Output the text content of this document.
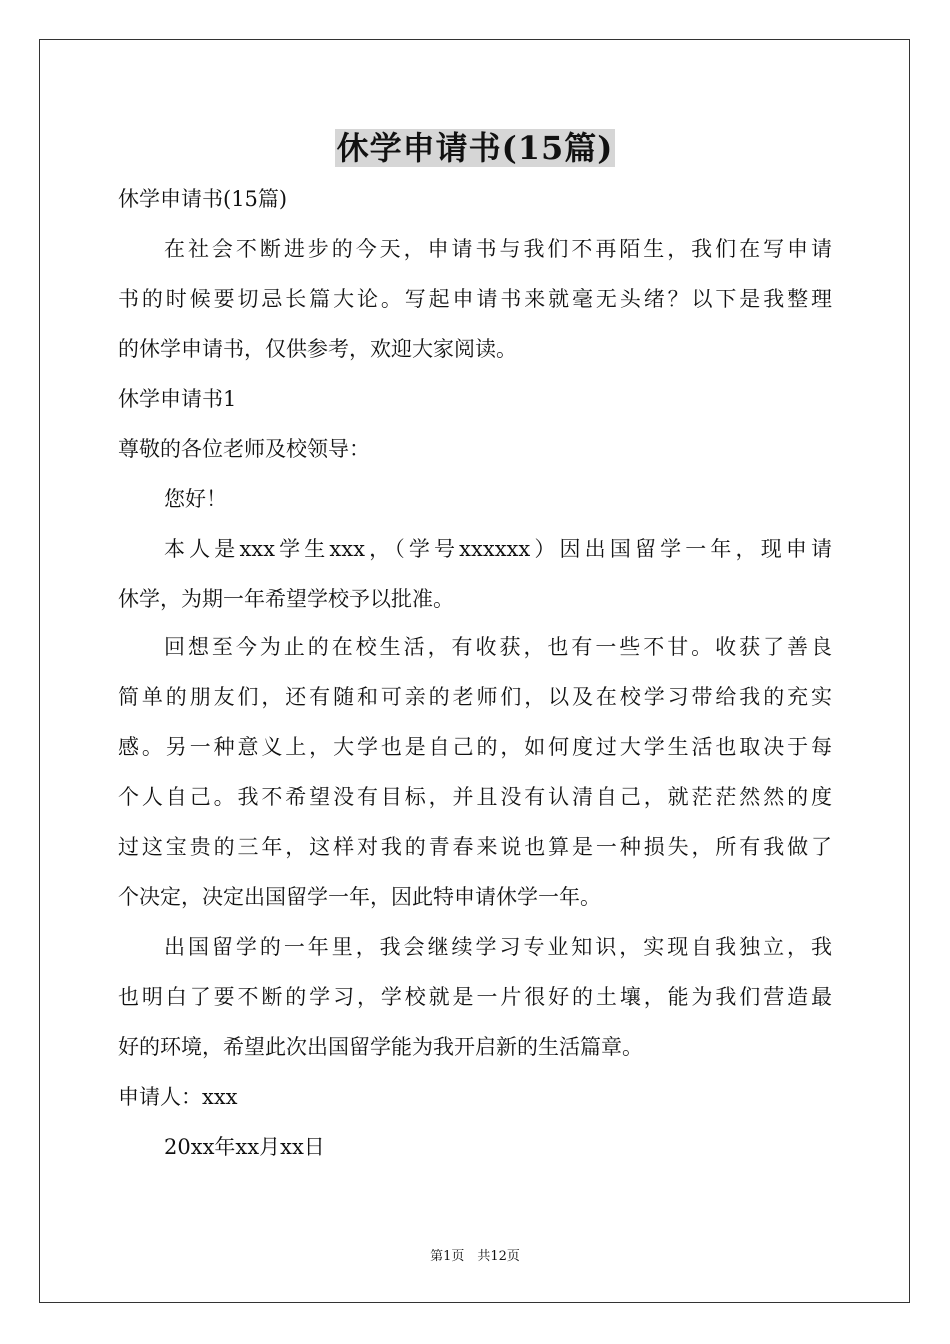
休学申请书(15篇)
休学申请书(15篇)
在社会不断进步的今天，申请书与我们不再陌生，我们在写申请
书的时候要切忌长篇大论。写起申请书来就毫无头绪？以下是我整理
的休学申请书，仅供参考，欢迎大家阅读。
休学申请书1
尊敬的各位老师及校领导：
您好！
本人是xxx学生xxx，（学号xxxxxx）因出国留学一年，现申请
休学，为期一年希望学校予以批准。
回想至今为止的在校生活，有收获，也有一些不甘。收获了善良
简单的朋友们，还有随和可亲的老师们，以及在校学习带给我的充实
感。另一种意义上，大学也是自己的，如何度过大学生活也取决于每
个人自己。我不希望没有目标，并且没有认清自己，就茫茫然然的度
过这宝贵的三年，这样对我的青春来说也算是一种损失，所有我做了
个决定，决定出国留学一年，因此特申请休学一年。
出国留学的一年里，我会继续学习专业知识，实现自我独立，我
也明白了要不断的学习，学校就是一片很好的土壤，能为我们营造最
好的环境，希望此次出国留学能为我开启新的生活篇章。
申请人：xxx
20xx年xx月xx日
第1页　共12页
